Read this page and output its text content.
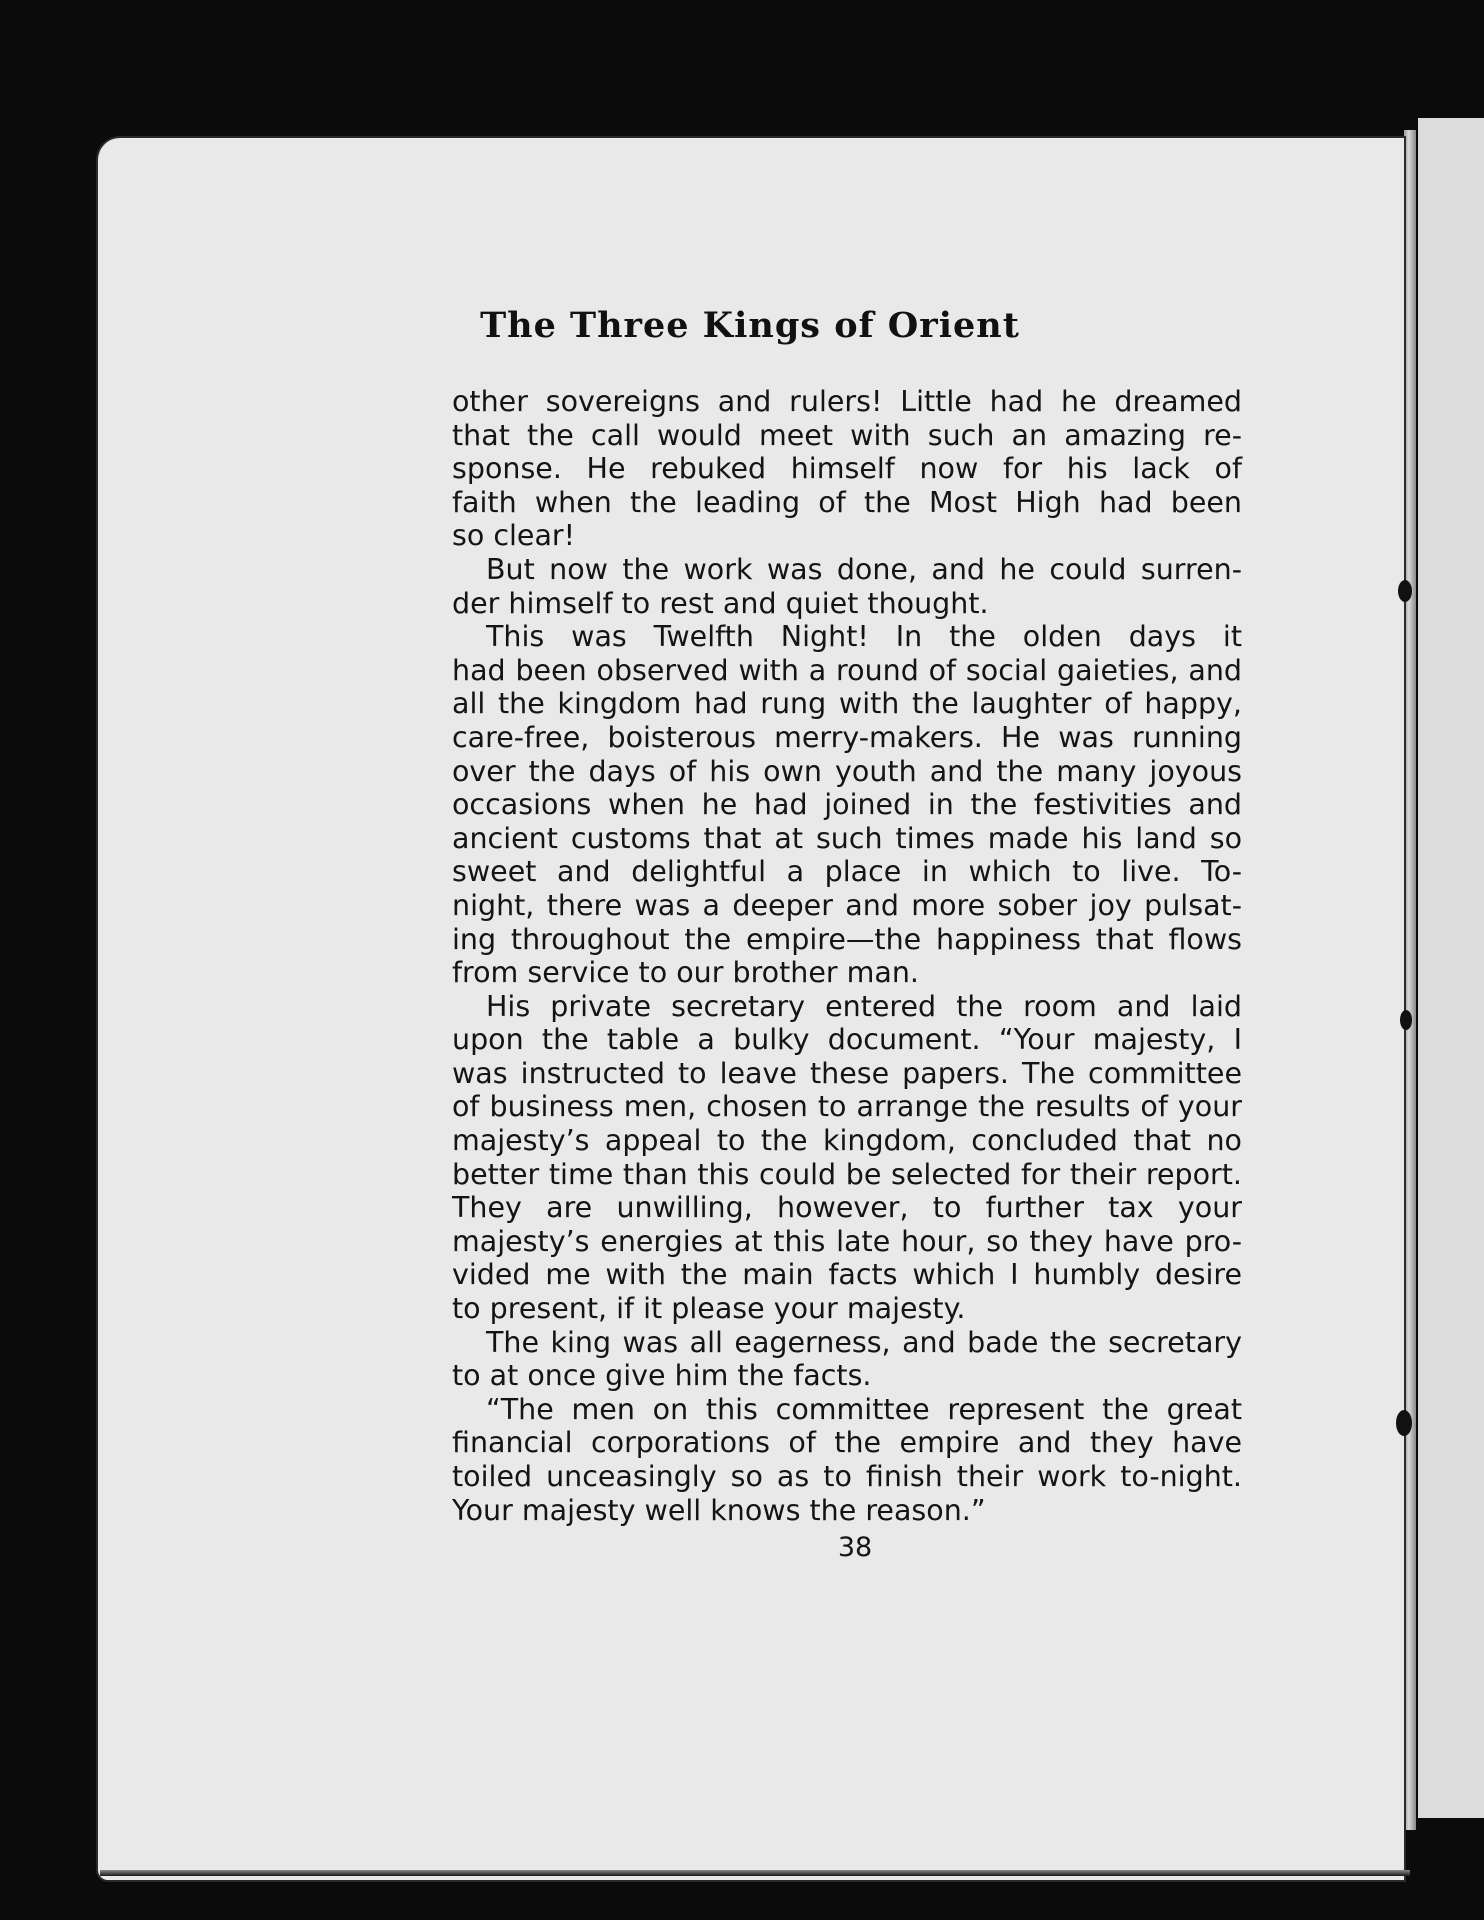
The Three Kings of Orient
other sovereigns and rulers! Little had he dreamed
that the call would meet with such an amazing re-
sponse. He rebuked himself now for his lack of
faith when the leading of the Most High had been
so clear!
But now the work was done, and he could surren-
der himself to rest and quiet thought.
This was Twelfth Night! In the olden days it
had been observed with a round of social gaieties, and
all the kingdom had rung with the laughter of happy,
care-free, boisterous merry-makers. He was running
over the days of his own youth and the many joyous
occasions when he had joined in the festivities and
ancient customs that at such times made his land so
sweet and delightful a place in which to live. To-
night, there was a deeper and more sober joy pulsat-
ing throughout the empire—the happiness that flows
from service to our brother man.
His private secretary entered the room and laid
upon the table a bulky document. “Your majesty, I
was instructed to leave these papers. The committee
of business men, chosen to arrange the results of your
majesty’s appeal to the kingdom, concluded that no
better time than this could be selected for their report.
They are unwilling, however, to further tax your
majesty’s energies at this late hour, so they have pro-
vided me with the main facts which I humbly desire
to present, if it please your majesty.
The king was all eagerness, and bade the secretary
to at once give him the facts.
“The men on this committee represent the great
financial corporations of the empire and they have
toiled unceasingly so as to finish their work to-night.
Your majesty well knows the reason.”
38
